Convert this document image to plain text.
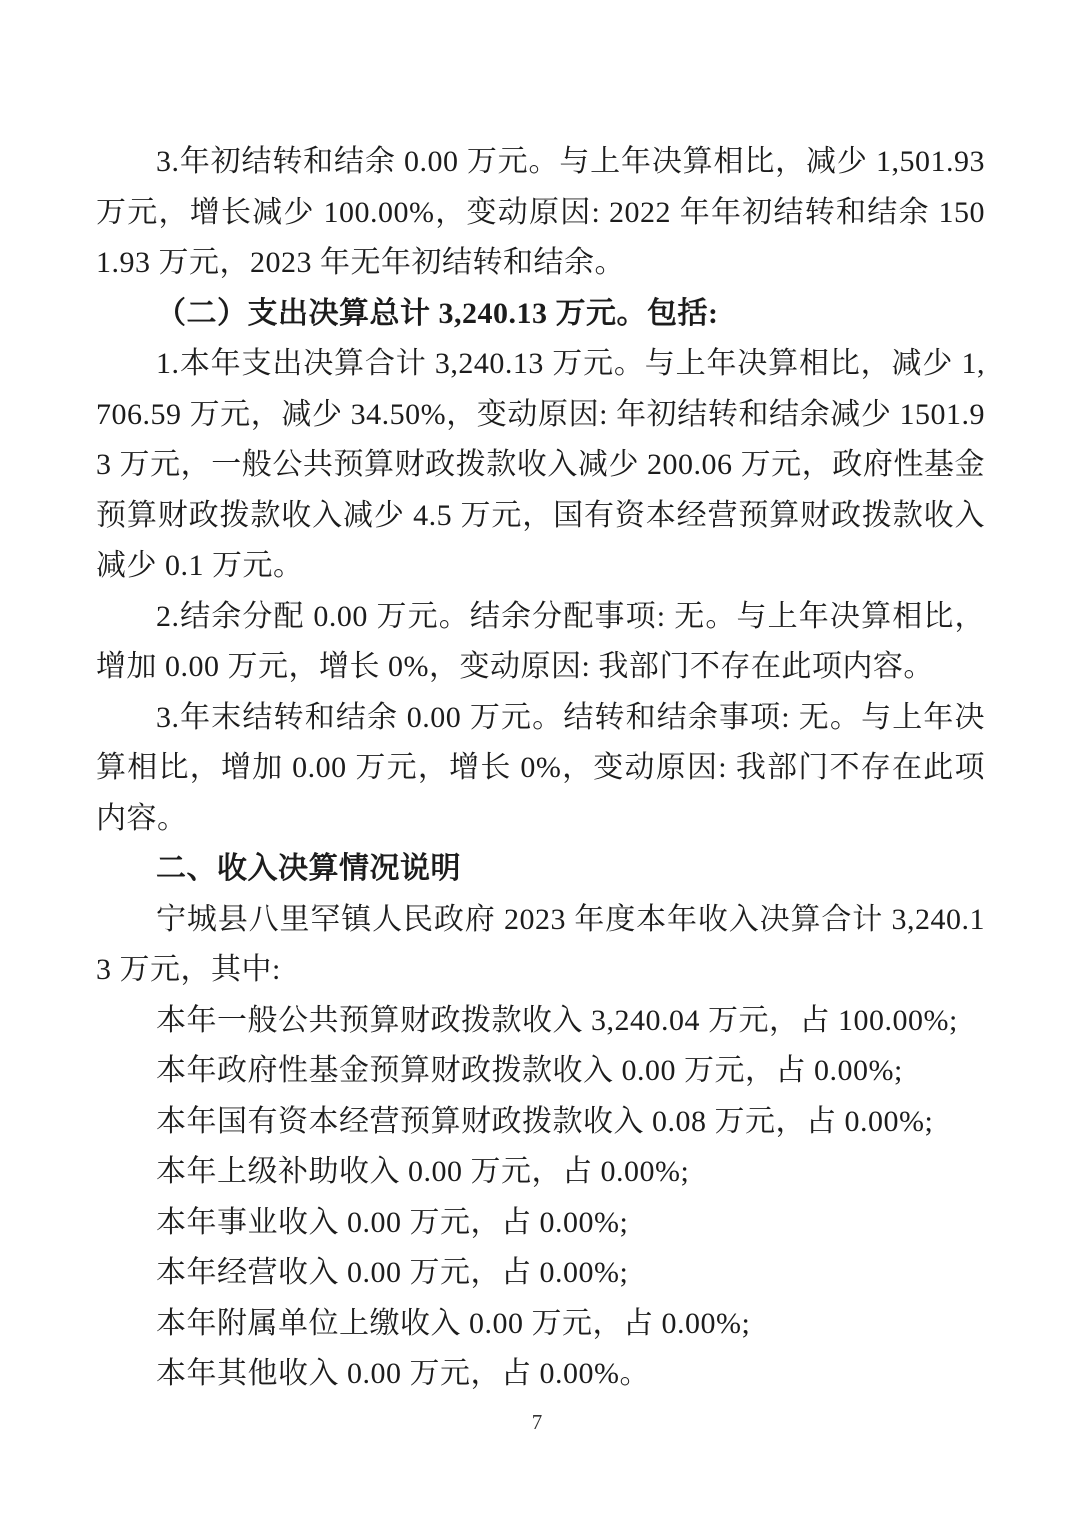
3.年初结转和结余 0.00 万元。与上年决算相比，减少 1,501.93 万元，增长减少 100.00%，变动原因: 2022 年年初结转和结余 1501.93 万元，2023 年无年初结转和结余。

（二）支出决算总计 3,240.13 万元。包括:

1.本年支出决算合计 3,240.13 万元。与上年决算相比，减少 1,706.59 万元，减少 34.50%，变动原因: 年初结转和结余减少 1501.93 万元，一般公共预算财政拨款收入减少 200.06 万元，政府性基金预算财政拨款收入减少 4.5 万元，国有资本经营预算财政拨款收入减少 0.1 万元。

2.结余分配 0.00 万元。结余分配事项: 无。与上年决算相比，增加 0.00 万元，增长 0%，变动原因: 我部门不存在此项内容。

3.年末结转和结余 0.00 万元。结转和结余事项: 无。与上年决算相比，增加 0.00 万元，增长 0%，变动原因: 我部门不存在此项内容。

二、收入决算情况说明

宁城县八里罕镇人民政府 2023 年度本年收入决算合计 3,240.13 万元，其中:

本年一般公共预算财政拨款收入 3,240.04 万元，占 100.00%;

本年政府性基金预算财政拨款收入 0.00 万元，占 0.00%;

本年国有资本经营预算财政拨款收入 0.08 万元，占 0.00%;

本年上级补助收入 0.00 万元，占 0.00%;

本年事业收入 0.00 万元，占 0.00%;

本年经营收入 0.00 万元，占 0.00%;

本年附属单位上缴收入 0.00 万元，占 0.00%;

本年其他收入 0.00 万元，占 0.00%。

7
